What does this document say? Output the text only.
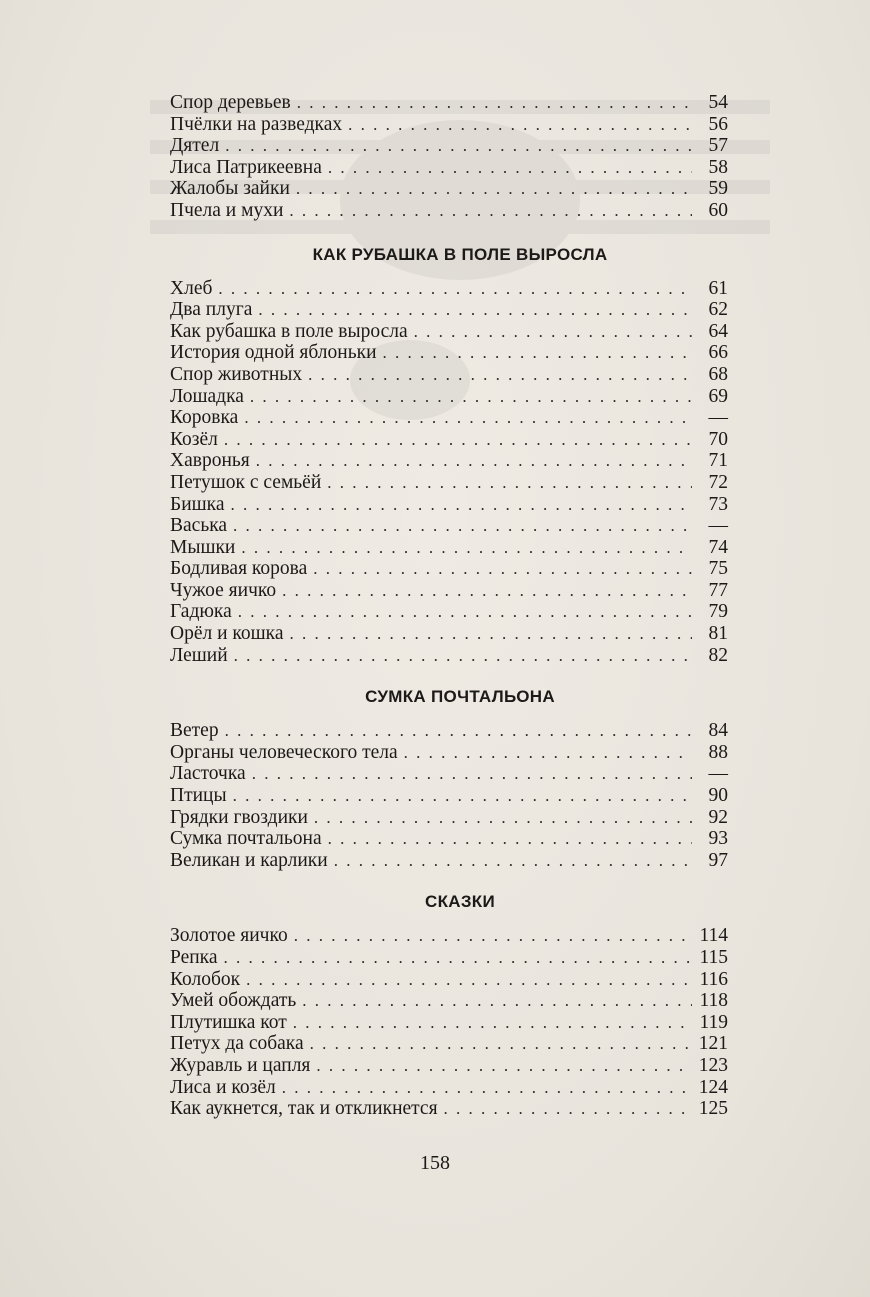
Спор деревьев . . .	54
Пчёлки на разведках . . .	56
Дятел . . .	57
Лиса Патрикеевна . . .	58
Жалобы зайки . . .	59
Пчела и мухи . . .	60
КАК РУБАШКА В ПОЛЕ ВЫРОСЛА
Хлеб . . .	61
Два плуга . . .	62
Как рубашка в поле выросла . . .	64
История одной яблоньки . . .	66
Спор животных . . .	68
Лошадка . . .	69
Коровка . . .	—
Козёл . . .	70
Хавронья . . .	71
Петушок с семьёй . . .	72
Бишка . . .	73
Васька . . .	—
Мышки . . .	74
Бодливая корова . . .	75
Чужое яичко . . .	77
Гадюка . . .	79
Орёл и кошка . . .	81
Леший . . .	82
СУМКА ПОЧТАЛЬОНА
Ветер . . .	84
Органы человеческого тела . . .	88
Ласточка . . .	—
Птицы . . .	90
Грядки гвоздики . . .	92
Сумка почтальона . . .	93
Великан и карлики . . .	97
СКАЗКИ
Золотое яичко . . .	114
Репка . . .	115
Колобок . . .	116
Умей обождать . . .	118
Плутишка кот . . .	119
Петух да собака . . .	121
Журавль и цапля . . .	123
Лиса и козёл . . .	124
Как аукнется, так и откликнется . . .	125
158
